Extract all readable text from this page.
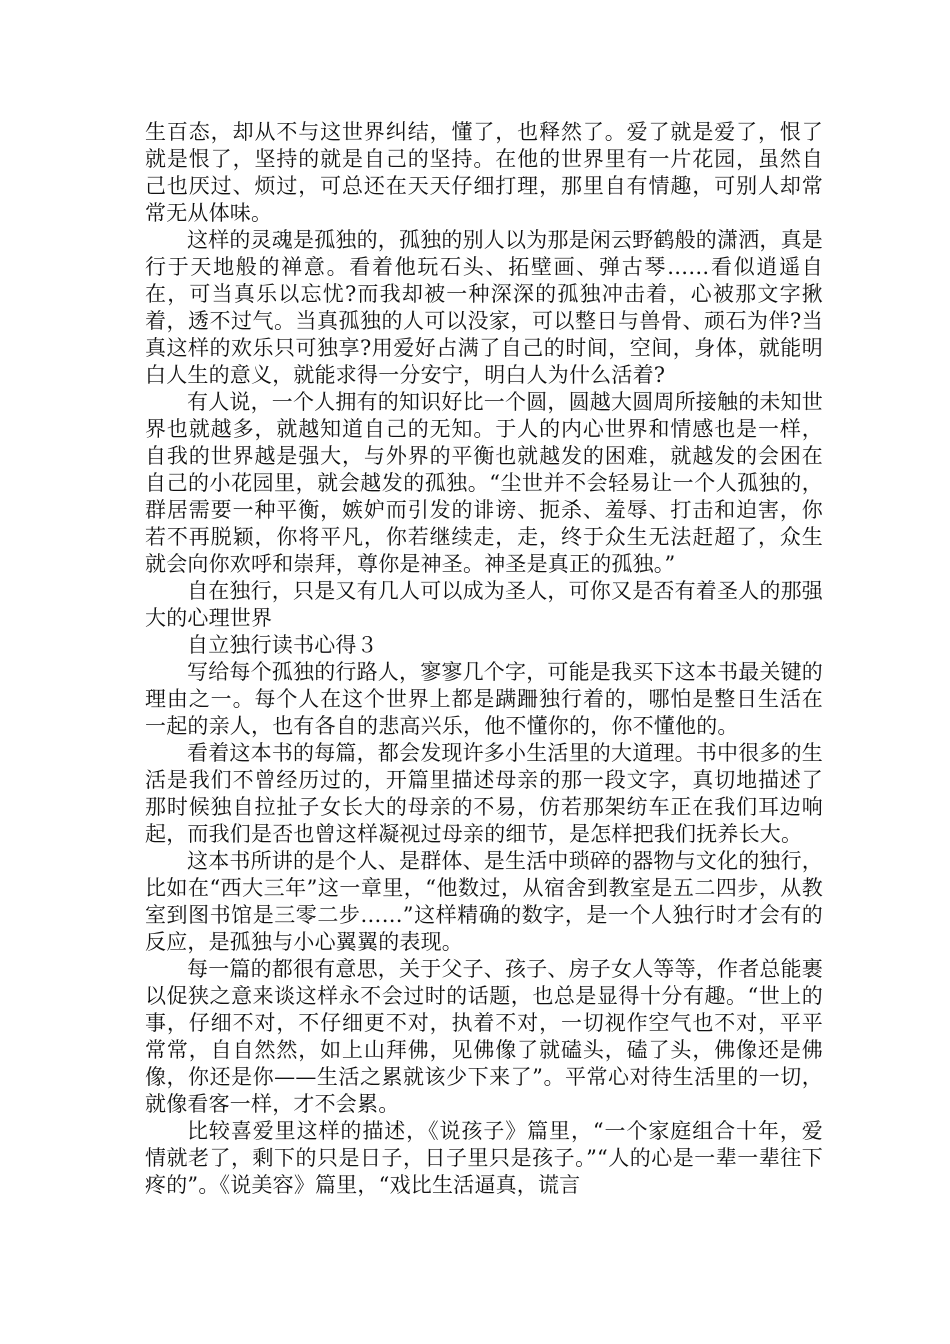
生百态，却从不与这世界纠结，懂了，也释然了。爱了就是爱了，恨了就是恨了，坚持的就是自己的坚持。在他的世界里有一片花园，虽然自己也厌过、烦过，可总还在天天仔细打理，那里自有情趣，可别人却常常无从体味。

这样的灵魂是孤独的，孤独的别人以为那是闲云野鹤般的潇洒，真是行于天地般的禅意。看着他玩石头、拓壁画、弹古琴……看似逍遥自在，可当真乐以忘忧?而我却被一种深深的孤独冲击着，心被那文字揪着，透不过气。当真孤独的人可以没家，可以整日与兽骨、顽石为伴?当真这样的欢乐只可独享?用爱好占满了自己的时间，空间，身体，就能明白人生的意义，就能求得一分安宁，明白人为什么活着?

有人说，一个人拥有的知识好比一个圆，圆越大圆周所接触的未知世界也就越多，就越知道自己的无知。于人的内心世界和情感也是一样，自我的世界越是强大，与外界的平衡也就越发的困难，就越发的会困在自己的小花园里，就会越发的孤独。“尘世并不会轻易让一个人孤独的，群居需要一种平衡，嫉妒而引发的诽谤、扼杀、羞辱、打击和迫害，你若不再脱颖，你将平凡，你若继续走，走，终于众生无法赶超了，众生就会向你欢呼和崇拜，尊你是神圣。神圣是真正的孤独。”

自在独行，只是又有几人可以成为圣人，可你又是否有着圣人的那强大的心理世界

自立独行读书心得３

写给每个孤独的行路人，寥寥几个字，可能是我买下这本书最关键的理由之一。每个人在这个世界上都是蹒跚独行着的，哪怕是整日生活在一起的亲人，也有各自的悲高兴乐，他不懂你的，你不懂他的。

看着这本书的每篇，都会发现许多小生活里的大道理。书中很多的生活是我们不曾经历过的，开篇里描述母亲的那一段文字，真切地描述了那时候独自拉扯子女长大的母亲的不易，仿若那架纺车正在我们耳边响起，而我们是否也曾这样凝视过母亲的细节，是怎样把我们抚养长大。

这本书所讲的是个人、是群体、是生活中琐碎的器物与文化的独行，比如在“西大三年”这一章里，“他数过，从宿舍到教室是五二四步，从教室到图书馆是三零二步……”这样精确的数字，是一个人独行时才会有的反应，是孤独与小心翼翼的表现。

每一篇的都很有意思，关于父子、孩子、房子女人等等，作者总能裹以促狭之意来谈这样永不会过时的话题，也总是显得十分有趣。“世上的事，仔细不对，不仔细更不对，执着不对，一切视作空气也不对，平平常常，自自然然，如上山拜佛，见佛像了就磕头，磕了头，佛像还是佛像，你还是你——生活之累就该少下来了”。平常心对待生活里的一切，就像看客一样，才不会累。

比较喜爱里这样的描述，《说孩子》篇里，“一个家庭组合十年，爱情就老了，剩下的只是日子，日子里只是孩子。”“人的心是一辈一辈往下疼的”。《说美容》篇里，“戏比生活逼真，谎言
